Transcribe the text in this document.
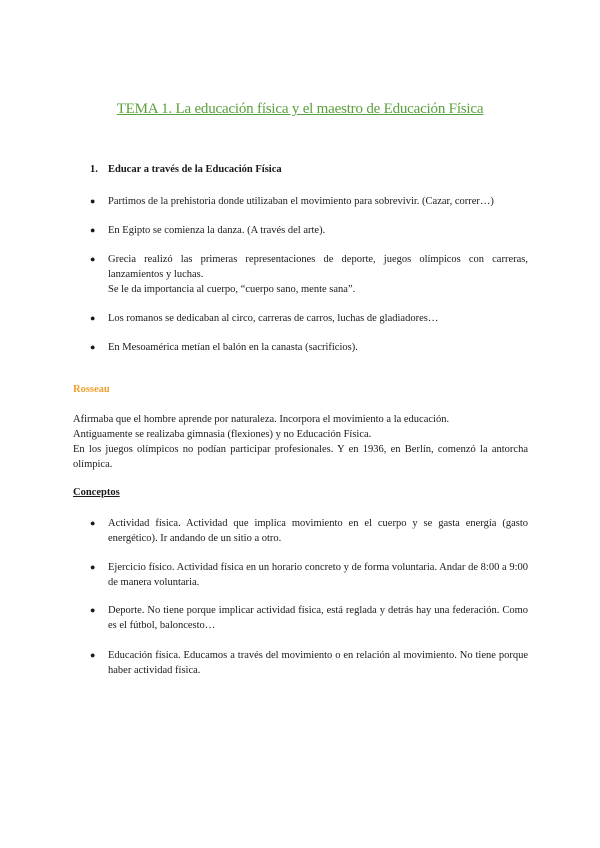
TEMA 1. La educación física y el maestro de Educación Física
1. Educar a través de la Educación Física
● Partimos de la prehistoria donde utilizaban el movimiento para sobrevivir. (Cazar, correr…)

● En Egipto se comienza la danza. (A través del arte).

● Grecia realizó las primeras representaciones de deporte, juegos olímpicos con carreras, lanzamientos y luchas.

Se le da importancia al cuerpo, “cuerpo sano, mente sana”.

● Los romanos se dedicaban al circo, carreras de carros, luchas de gladiadores…

● En Mesoamérica metían el balón en la canasta (sacrificios).

Rosseau

Afirmaba que el hombre aprende por naturaleza. Incorpora el movimiento a la educación.

Antiguamente se realizaba gimnasia (flexiones) y no Educación Física.

En los juegos olímpicos no podían participar profesionales. Y en 1936, en Berlín, comenzó la antorcha olímpica.

Conceptos
● Actividad física. Actividad que implica movimiento en el cuerpo y se gasta energía (gasto energético). Ir andando de un sitio a otro.

● Ejercicio físico. Actividad física en un horario concreto y de forma voluntaria. Andar de 8:00 a 9:00 de manera voluntaria.

● Deporte. No tiene porque implicar actividad física, está reglada y detrás hay una federación. Como es el fútbol, baloncesto…

● Educación física. Educamos a través del movimiento o en relación al movimiento. No tiene porque haber actividad física.
